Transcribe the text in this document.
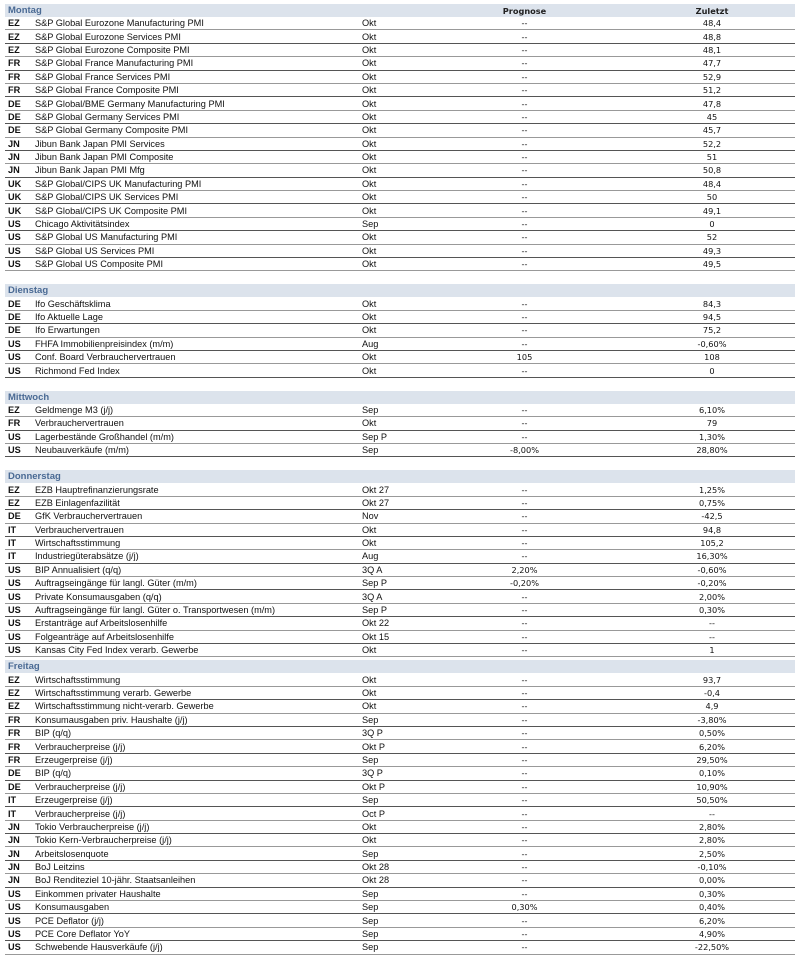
Montag	Prognose	Zuletzt
EZ	S&P Global Eurozone Manufacturing PMI	Okt	--	48,4
EZ	S&P Global Eurozone Services PMI	Okt	--	48,8
EZ	S&P Global Eurozone Composite PMI	Okt	--	48,1
FR	S&P Global France Manufacturing PMI	Okt	--	47,7
FR	S&P Global France Services PMI	Okt	--	52,9
FR	S&P Global France Composite PMI	Okt	--	51,2
DE	S&P Global/BME Germany Manufacturing PMI	Okt	--	47,8
DE	S&P Global Germany Services PMI	Okt	--	45
DE	S&P Global Germany Composite PMI	Okt	--	45,7
JN	Jibun Bank Japan PMI Services	Okt	--	52,2
JN	Jibun Bank Japan PMI Composite	Okt	--	51
JN	Jibun Bank Japan PMI Mfg	Okt	--	50,8
UK	S&P Global/CIPS UK Manufacturing PMI	Okt	--	48,4
UK	S&P Global/CIPS UK Services PMI	Okt	--	50
UK	S&P Global/CIPS UK Composite PMI	Okt	--	49,1
US	Chicago Aktivitätsindex	Sep	--	0
US	S&P Global US Manufacturing PMI	Okt	--	52
US	S&P Global US Services PMI	Okt	--	49,3
US	S&P Global US Composite PMI	Okt	--	49,5
Dienstag
DE	Ifo Geschäftsklima	Okt	--	84,3
DE	Ifo Aktuelle Lage	Okt	--	94,5
DE	Ifo Erwartungen	Okt	--	75,2
US	FHFA Immobilienpreisindex (m/m)	Aug	--	-0,60%
US	Conf. Board Verbrauchervertrauen	Okt	105	108
US	Richmond Fed Index	Okt	--	0
Mittwoch
EZ	Geldmenge M3 (j/j)	Sep	--	6,10%
FR	Verbrauchervertrauen	Okt	--	79
US	Lagerbestände Großhandel (m/m)	Sep P	--	1,30%
US	Neubauverkäufe (m/m)	Sep	-8,00%	28,80%
Donnerstag
EZ	EZB Hauptrefinanzierungsrate	Okt 27	--	1,25%
EZ	EZB Einlagenfazilität	Okt 27	--	0,75%
DE	GfK Verbrauchervertrauen	Nov	--	-42,5
IT	Verbrauchervertrauen	Okt	--	94,8
IT	Wirtschaftsstimmung	Okt	--	105,2
IT	Industriegüterabsätze (j/j)	Aug	--	16,30%
US	BIP Annualisiert (q/q)	3Q A	2,20%	-0,60%
US	Auftragseingänge für langl. Güter (m/m)	Sep P	-0,20%	-0,20%
US	Private Konsumausgaben (q/q)	3Q A	--	2,00%
US	Auftragseingänge für langl. Güter o. Transportwesen (m/m)	Sep P	--	0,30%
US	Erstanträge auf Arbeitslosenhilfe	Okt 22	--	--
US	Folgeanträge auf Arbeitslosenhilfe	Okt 15	--	--
US	Kansas City Fed Index verarb. Gewerbe	Okt	--	1
Freitag
EZ	Wirtschaftsstimmung	Okt	--	93,7
EZ	Wirtschaftsstimmung verarb. Gewerbe	Okt	--	-0,4
EZ	Wirtschaftsstimmung nicht-verarb. Gewerbe	Okt	--	4,9
FR	Konsumausgaben priv. Haushalte (j/j)	Sep	--	-3,80%
FR	BIP (q/q)	3Q P	--	0,50%
FR	Verbraucherpreise (j/j)	Okt P	--	6,20%
FR	Erzeugerpreise (j/j)	Sep	--	29,50%
DE	BIP (q/q)	3Q P	--	0,10%
DE	Verbraucherpreise (j/j)	Okt P	--	10,90%
IT	Erzeugerpreise (j/j)	Sep	--	50,50%
IT	Verbraucherpreise (j/j)	Oct P	--	--
JN	Tokio Verbraucherpreise (j/j)	Okt	--	2,80%
JN	Tokio Kern-Verbraucherpreise (j/j)	Okt	--	2,80%
JN	Arbeitslosenquote	Sep	--	2,50%
JN	BoJ Leitzins	Okt 28	--	-0,10%
JN	BoJ Renditeziel 10-jähr. Staatsanleihen	Okt 28	--	0,00%
US	Einkommen privater Haushalte	Sep	--	0,30%
US	Konsumausgaben	Sep	0,30%	0,40%
US	PCE Deflator (j/j)	Sep	--	6,20%
US	PCE Core Deflator YoY	Sep	--	4,90%
US	Schwebende Hausverkäufe (j/j)	Sep	--	-22,50%
